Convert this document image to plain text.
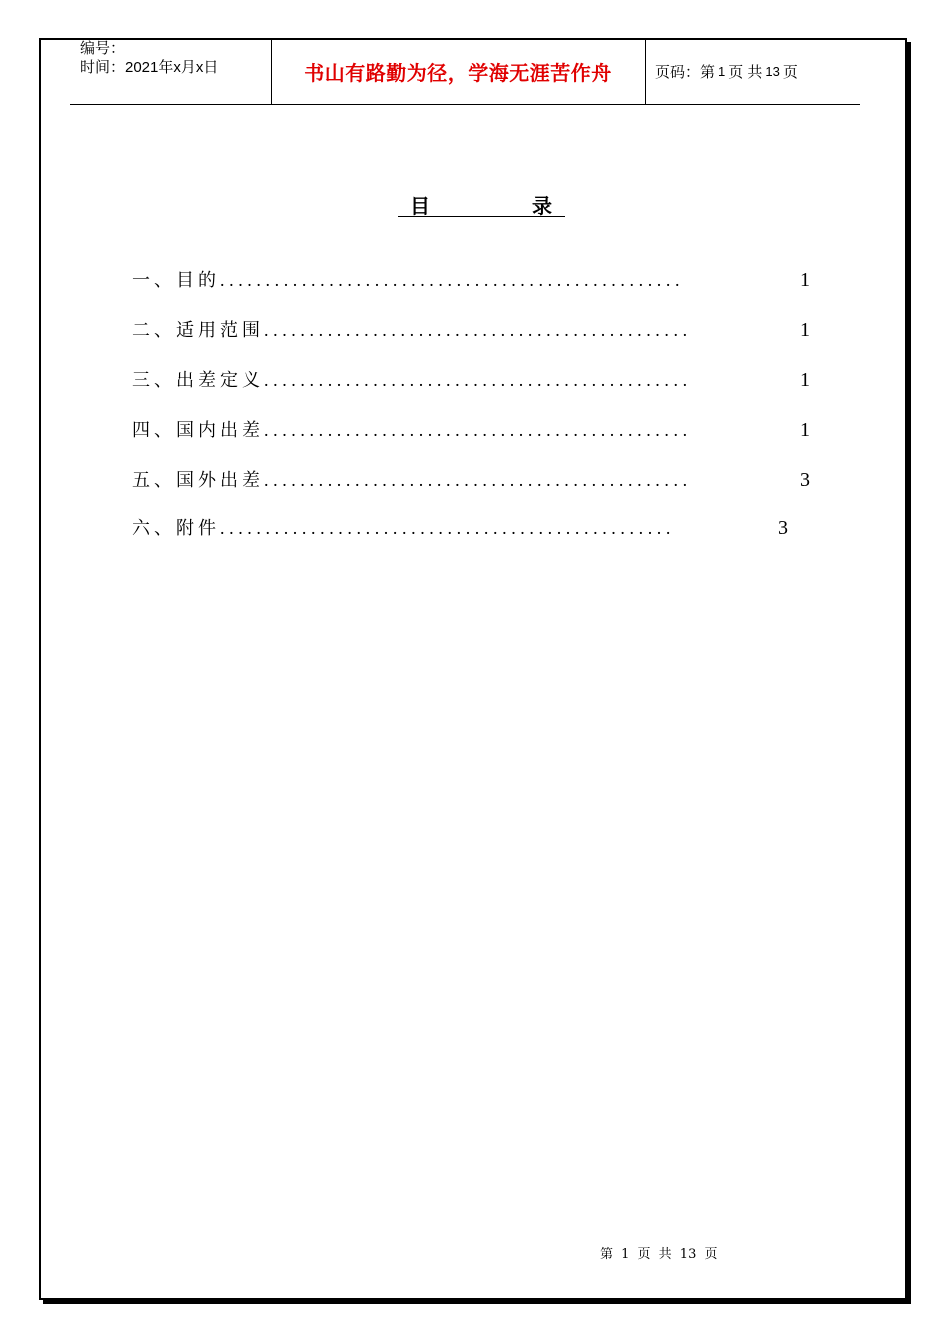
编号：
时间：2021年x月x日	书山有路勤为径，学海无涯苦作舟	页码：第 1 页 共 13 页
目	录
一、目的 ...................................................	1
二、适用范围 ...............................................	1
三、出差定义 ...............................................	1
四、国内出差 ...............................................	1
五、国外出差 ...............................................	3
六、附件 ..................................................	3
第 1 页 共 13 页
